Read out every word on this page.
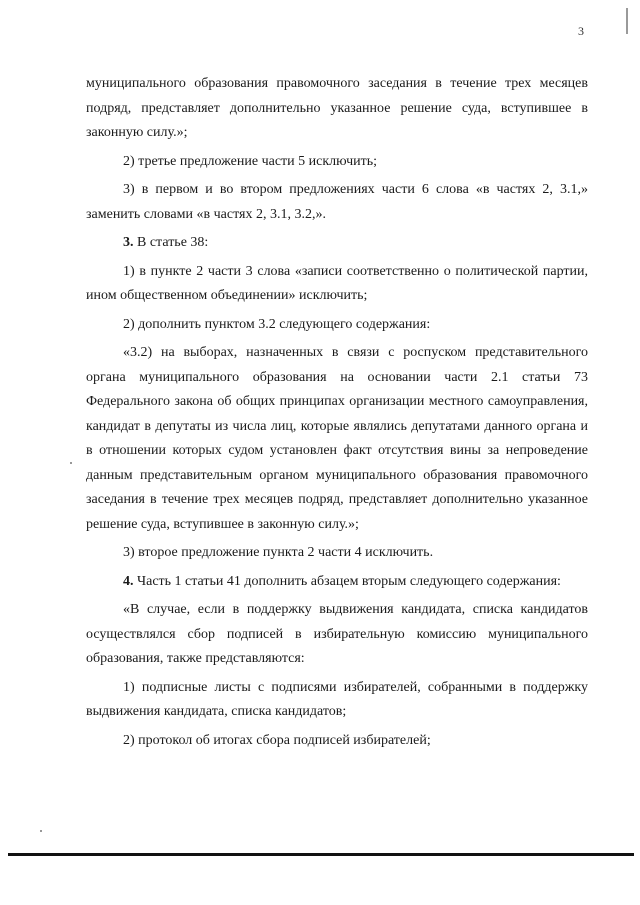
3

муниципального образования правомочного заседания в течение трех месяцев подряд, представляет дополнительно указанное решение суда, вступившее в законную силу.»;

2) третье предложение части 5 исключить;

3) в первом и во втором предложениях части 6 слова «в частях 2, 3.1,» заменить словами «в частях 2, 3.1, 3.2,».

3. В статье 38:

1) в пункте 2 части 3 слова «записи соответственно о политической партии, ином общественном объединении» исключить;

2) дополнить пунктом 3.2 следующего содержания:

«3.2) на выборах, назначенных в связи с роспуском представительного органа муниципального образования на основании части 2.1 статьи 73 Федерального закона об общих принципах организации местного самоуправления, кандидат в депутаты из числа лиц, которые являлись депутатами данного органа и в отношении которых судом установлен факт отсутствия вины за непроведение данным представительным органом муниципального образования правомочного заседания в течение трех месяцев подряд, представляет дополнительно указанное решение суда, вступившее в законную силу.»;

3) второе предложение пункта 2 части 4 исключить.

4. Часть 1 статьи 41 дополнить абзацем вторым следующего содержания:

«В случае, если в поддержку выдвижения кандидата, списка кандидатов осуществлялся сбор подписей в избирательную комиссию муниципального образования, также представляются:

1) подписные листы с подписями избирателей, собранными в поддержку выдвижения кандидата, списка кандидатов;

2) протокол об итогах сбора подписей избирателей;
